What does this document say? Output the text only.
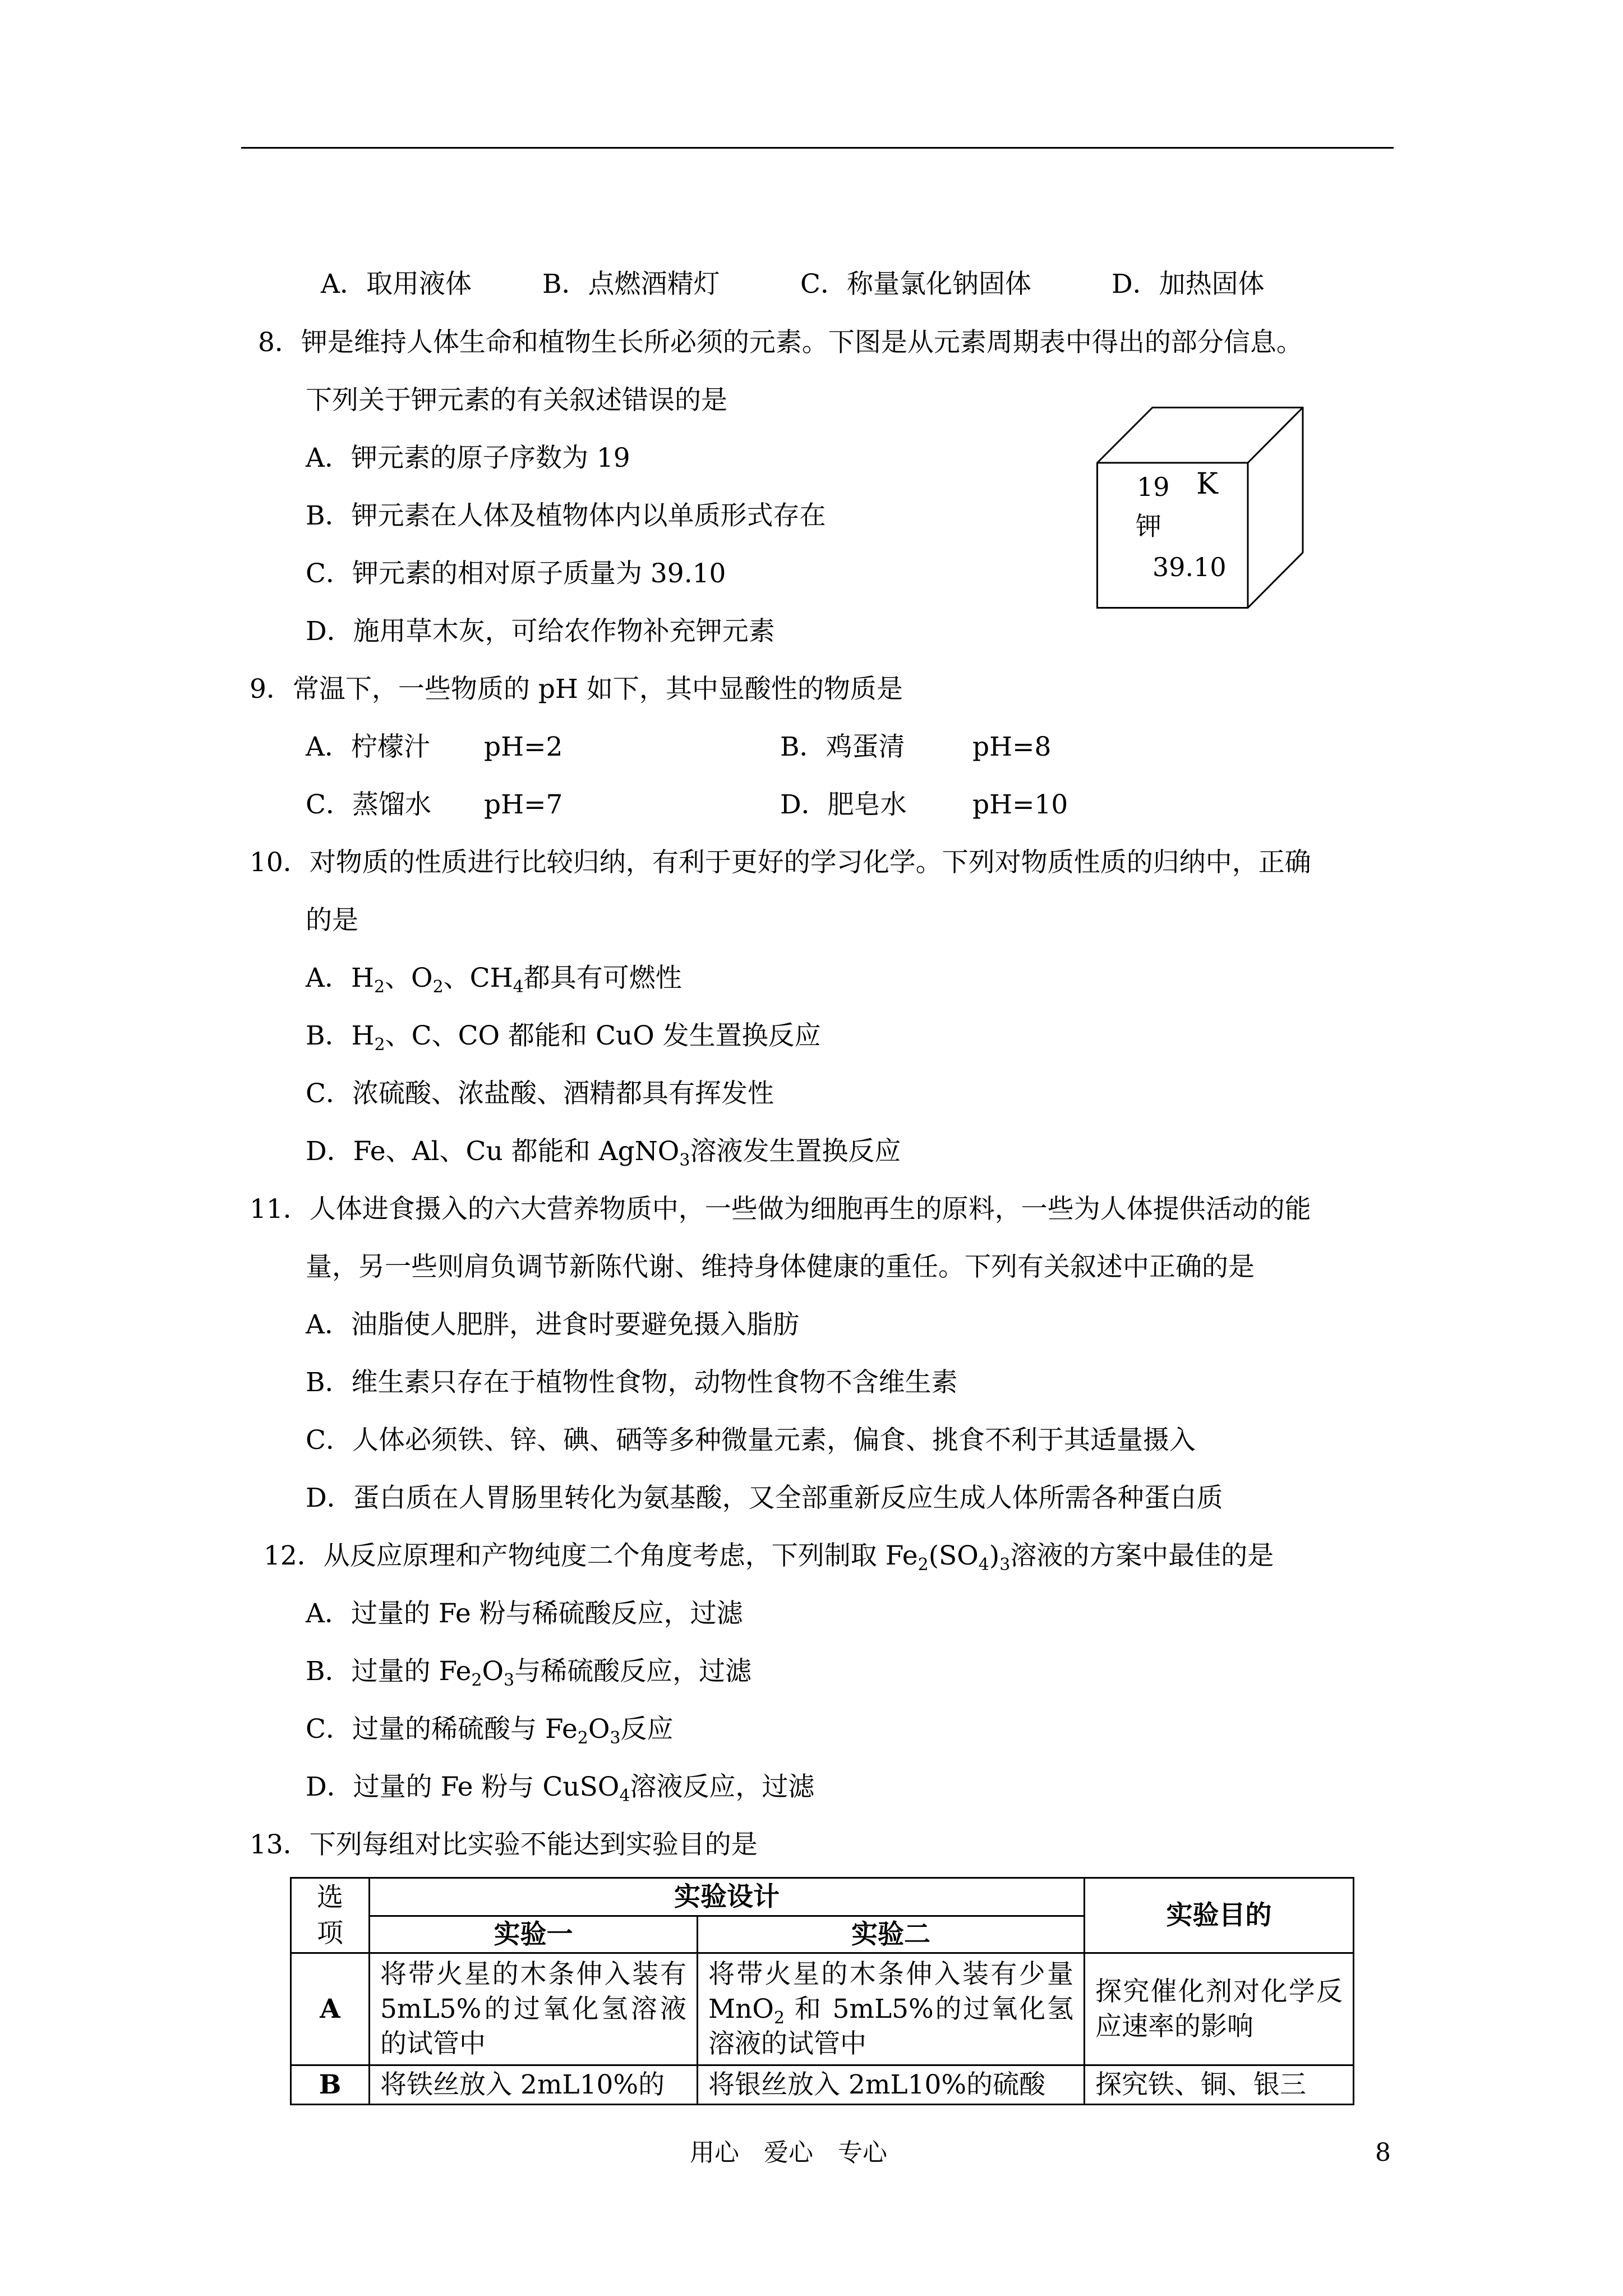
A．取用液体	B．点燃酒精灯	C．称量氯化钠固体	D．加热固体
8．钾是维持人体生命和植物生长所必须的元素。下图是从元素周期表中得出的部分信息。
下列关于钾元素的有关叙述错误的是
A．钾元素的原子序数为 19
B．钾元素在人体及植物体内以单质形式存在
C．钾元素的相对原子质量为 39.10
D．施用草木灰，可给农作物补充钾元素
19 K
钾
39.10
9．常温下，一些物质的 pH 如下，其中显酸性的物质是
A．柠檬汁 pH=2	B．鸡蛋清	pH=8
C．蒸馏水 pH=7	D．肥皂水 pH=10
10．对物质的性质进行比较归纳，有利于更好的学习化学。下列对物质性质的归纳中，正确
的是
A．$H_2$、$O_2$、$CH_4$都具有可燃性
B．$H_2$、C、CO 都能和 CuO 发生置换反应
C．浓硫酸、浓盐酸、酒精都具有挥发性
D．Fe、Al、Cu 都能和 AgNO$_3$溶液发生置换反应
11．人体进食摄入的六大营养物质中，一些做为细胞再生的原料，一些为人体提供活动的能
量，另一些则肩负调节新陈代谢、维持身体健康的重任。下列有关叙述中正确的是
A．油脂使人肥胖，进食时要避免摄入脂肪
B．维生素只存在于植物性食物，动物性食物不含维生素
C．人体必须铁、锌、碘、硒等多种微量元素，偏食、挑食不利于其适量摄入
D．蛋白质在人胃肠里转化为氨基酸，又全部重新反应生成人体所需各种蛋白质
12．从反应原理和产物纯度二个角度考虑，下列制取 $Fe_2(SO_4)_3$溶液的方案中最佳的是
A．过量的 Fe 粉与稀硫酸反应，过滤
B．过量的 $Fe_2O_3$与稀硫酸反应，过滤
C．过量的稀硫酸与 $Fe_2O_3$反应
D．过量的 Fe 粉与 CuSO$_4$溶液反应，过滤
13．下列每组对比实验不能达到实验目的是
选
项	实验设计		实验目的
	实验一	实验二	
A	将带火星的木条伸入装有 5mL5%的过氧化氢溶液的试管中	将带火星的木条伸入装有少量 MnO$_2$ 和 5mL5%的过氧化氢溶液的试管中	探究催化剂对化学反应速率的影响
B	将铁丝放入 2mL10%的	将银丝放入 2mL10%的硫酸	探究铁、铜、银三
用心　爱心　专心	8
